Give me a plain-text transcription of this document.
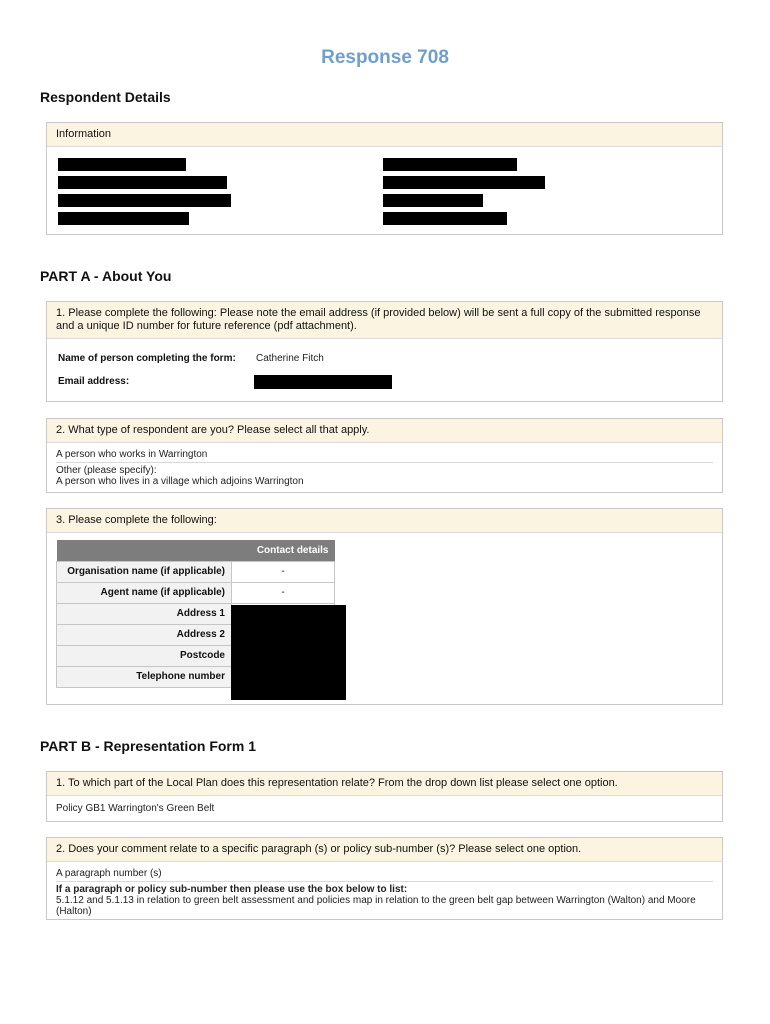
Response 708
Respondent Details
Information
PART A - About You
1. Please complete the following: Please note the email address (if provided below) will be sent a full copy of the submitted response and a unique ID number for future reference (pdf attachment).
Name of person completing the form: Catherine Fitch
Email address:
2. What type of respondent are you? Please select all that apply.
A person who works in Warrington
Other (please specify):
A person who lives in a village which adjoins Warrington
3. Please complete the following:
	Contact details
Organisation name (if applicable)	-
Agent name (if applicable)	-
Address 1	
Address 2	
Postcode	
Telephone number	
PART B - Representation Form 1
1. To which part of the Local Plan does this representation relate? From the drop down list please select one option.
Policy GB1 Warrington's Green Belt
2. Does your comment relate to a specific paragraph (s) or policy sub-number (s)? Please select one option.
A paragraph number (s)
If a paragraph or policy sub-number then please use the box below to list:
5.1.12 and 5.1.13 in relation to green belt assessment and policies map in relation to the green belt gap between Warrington (Walton) and Moore (Halton)
